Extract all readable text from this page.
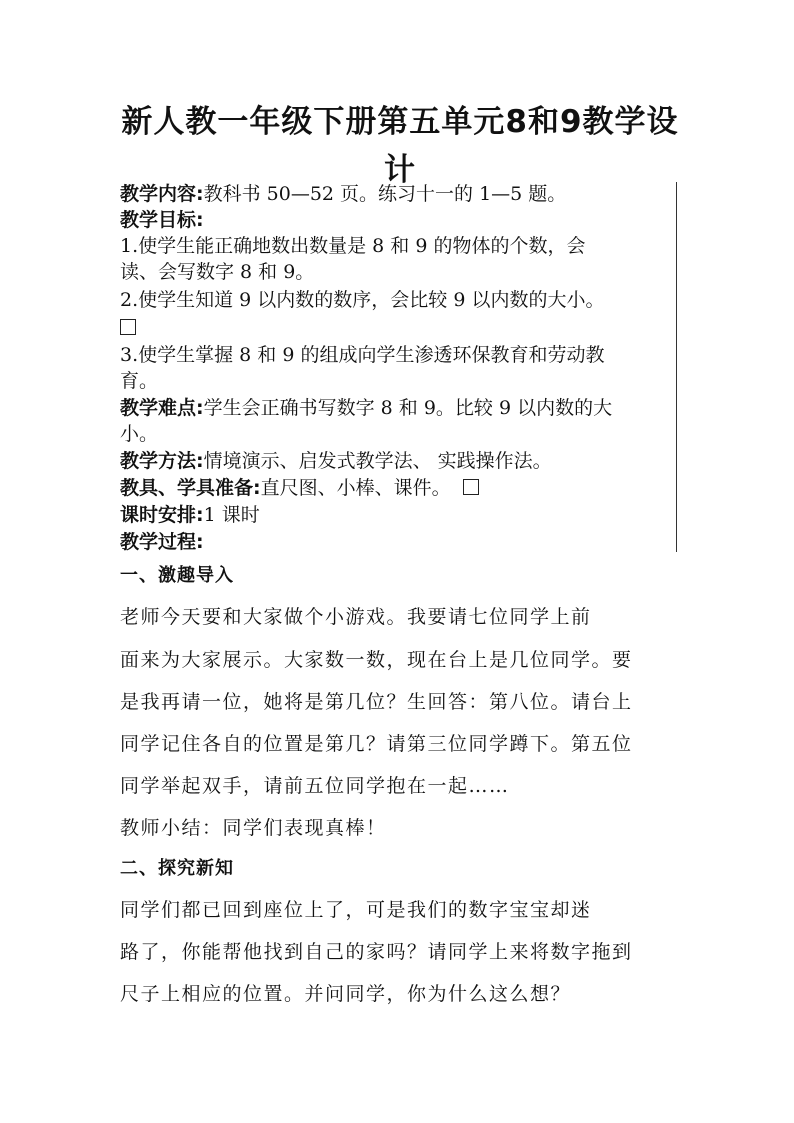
新人教一年级下册第五单元8和9教学设
计
教学内容:教科书 50—52 页。练习十一的 1—5 题。
教学目标:
1.使学生能正确地数出数量是 8 和 9 的物体的个数，会
读、会写数字 8 和 9。
2.使学生知道 9 以内数的数序，会比较 9 以内数的大小。
3.使学生掌握 8 和 9 的组成向学生渗透环保教育和劳动教
育。
教学难点:学生会正确书写数字 8 和 9。比较 9 以内数的大
小。
教学方法:情境演示、启发式教学法、 实践操作法。
教具、学具准备:直尺图、小棒、课件。
课时安排:1 课时
教学过程:
一、激趣导入
老师今天要和大家做个小游戏。我要请七位同学上前
面来为大家展示。大家数一数，现在台上是几位同学。要
是我再请一位，她将是第几位？生回答：第八位。请台上
同学记住各自的位置是第几？请第三位同学蹲下。第五位
同学举起双手，请前五位同学抱在一起……
教师小结：同学们表现真棒！
二、探究新知
同学们都已回到座位上了，可是我们的数字宝宝却迷
路了，你能帮他找到自己的家吗？请同学上来将数字拖到
尺子上相应的位置。并问同学，你为什么这么想？
